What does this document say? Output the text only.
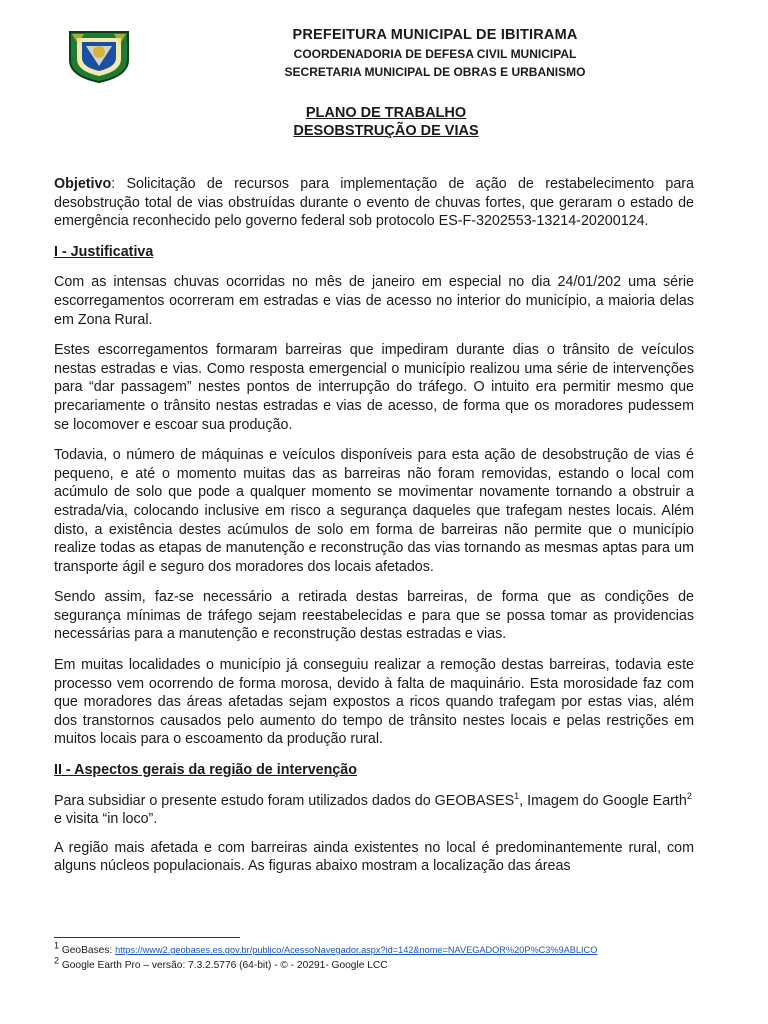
PREFEITURA MUNICIPAL DE IBITIRAMA
COORDENADORIA DE DEFESA CIVIL MUNICIPAL
SECRETARIA MUNICIPAL DE OBRAS E URBANISMO
PLANO DE TRABALHO
DESOBSTRUÇÃO DE VIAS

Objetivo: Solicitação de recursos para implementação de ação de restabelecimento para desobstrução total de vias obstruídas durante o evento de chuvas fortes, que geraram o estado de emergência reconhecido pelo governo federal sob protocolo ES-F-3202553-13214-20200124.

I - Justificativa

Com as intensas chuvas ocorridas no mês de janeiro em especial no dia 24/01/202 uma série escorregamentos ocorreram em estradas e vias de acesso no interior do município, a maioria delas em Zona Rural.

Estes escorregamentos formaram barreiras que impediram durante dias o trânsito de veículos nestas estradas e vias. Como resposta emergencial o município realizou uma série de intervenções para “dar passagem” nestes pontos de interrupção do tráfego. O intuito era permitir mesmo que precariamente o trânsito nestas estradas e vias de acesso, de forma que os moradores pudessem se locomover e escoar sua produção.

Todavia, o número de máquinas e veículos disponíveis para esta ação de desobstrução de vias é pequeno, e até o momento muitas das as barreiras não foram removidas, estando o local com acúmulo de solo que pode a qualquer momento se movimentar novamente tornando a obstruir a estrada/via, colocando inclusive em risco a segurança daqueles que trafegam nestes locais. Além disto, a existência destes acúmulos de solo em forma de barreiras não permite que o município realize todas as etapas de manutenção e reconstrução das vias tornando as mesmas aptas para um transporte ágil e seguro dos moradores dos locais afetados.

Sendo assim, faz-se necessário a retirada destas barreiras, de forma que as condições de segurança mínimas de tráfego sejam reestabelecidas e para que se possa tomar as providencias necessárias para a manutenção e reconstrução destas estradas e vias.

Em muitas localidades o município já conseguiu realizar a remoção destas barreiras, todavia este processo vem ocorrendo de forma morosa, devido à falta de maquinário. Esta morosidade faz com que moradores das áreas afetadas sejam expostos a ricos quando trafegam por estas vias, além dos transtornos causados pelo aumento do tempo de trânsito nestes locais e pelas restrições em muitos locais para o escoamento da produção rural.

II - Aspectos gerais da região de intervenção

Para subsidiar o presente estudo foram utilizados dados do GEOBASES$^1$, Imagem do Google Earth$^2$ e visita “in loco”.

A região mais afetada e com barreiras ainda existentes no local é predominantemente rural, com alguns núcleos populacionais. As figuras abaixo mostram a localização das áreas

$^1$ GeoBases: https://www2.geobases.es.gov.br/publico/AcessoNavegador.aspx?id=142&nome=NAVEGADOR%20P%C3%9ABLICO
$^2$ Google Earth Pro – versão: 7.3.2.5776 (64-bit) - © - 20291- Google LCC
